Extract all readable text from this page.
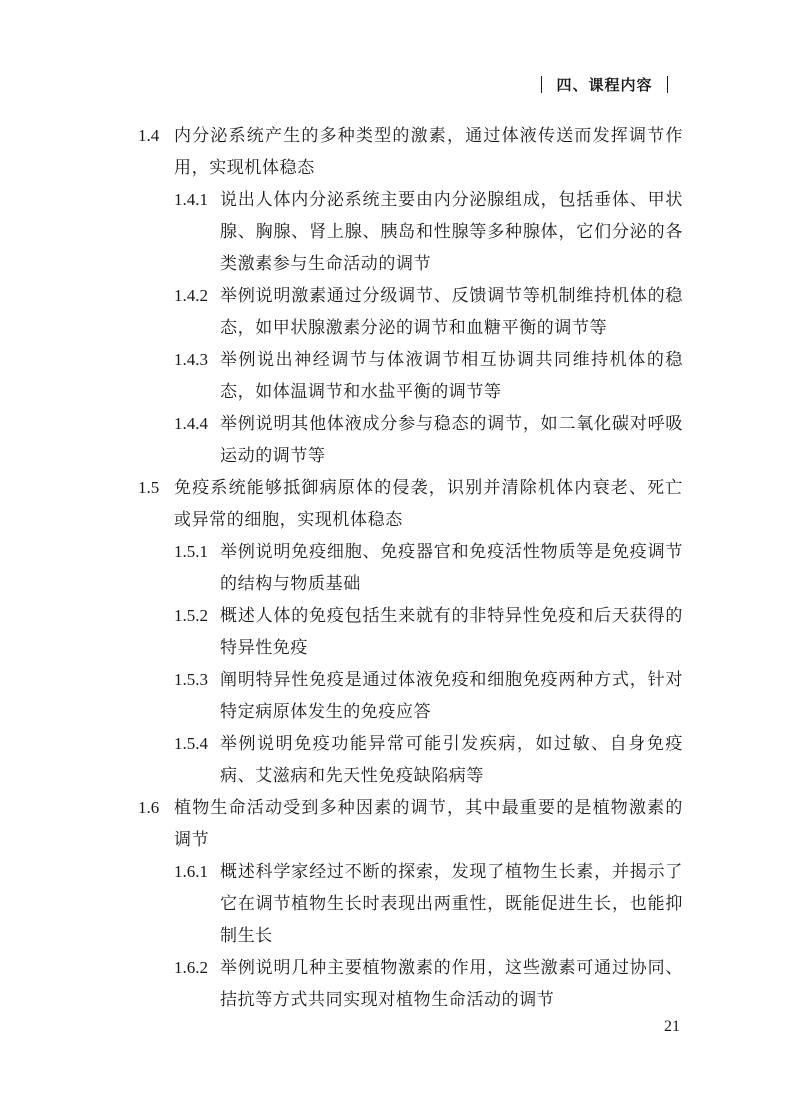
四、课程内容
1.4 内分泌系统产生的多种类型的激素，通过体液传送而发挥调节作用，实现机体稳态
1.4.1 说出人体内分泌系统主要由内分泌腺组成，包括垂体、甲状腺、胸腺、肾上腺、胰岛和性腺等多种腺体，它们分泌的各类激素参与生命活动的调节
1.4.2 举例说明激素通过分级调节、反馈调节等机制维持机体的稳态，如甲状腺激素分泌的调节和血糖平衡的调节等
1.4.3 举例说出神经调节与体液调节相互协调共同维持机体的稳态，如体温调节和水盐平衡的调节等
1.4.4 举例说明其他体液成分参与稳态的调节，如二氧化碳对呼吸运动的调节等
1.5 免疫系统能够抵御病原体的侵袭，识别并清除机体内衰老、死亡或异常的细胞，实现机体稳态
1.5.1 举例说明免疫细胞、免疫器官和免疫活性物质等是免疫调节的结构与物质基础
1.5.2 概述人体的免疫包括生来就有的非特异性免疫和后天获得的特异性免疫
1.5.3 阐明特异性免疫是通过体液免疫和细胞免疫两种方式，针对特定病原体发生的免疫应答
1.5.4 举例说明免疫功能异常可能引发疾病，如过敏、自身免疫病、艾滋病和先天性免疫缺陷病等
1.6 植物生命活动受到多种因素的调节，其中最重要的是植物激素的调节
1.6.1 概述科学家经过不断的探索，发现了植物生长素，并揭示了它在调节植物生长时表现出两重性，既能促进生长，也能抑制生长
1.6.2 举例说明几种主要植物激素的作用，这些激素可通过协同、拮抗等方式共同实现对植物生命活动的调节
21
